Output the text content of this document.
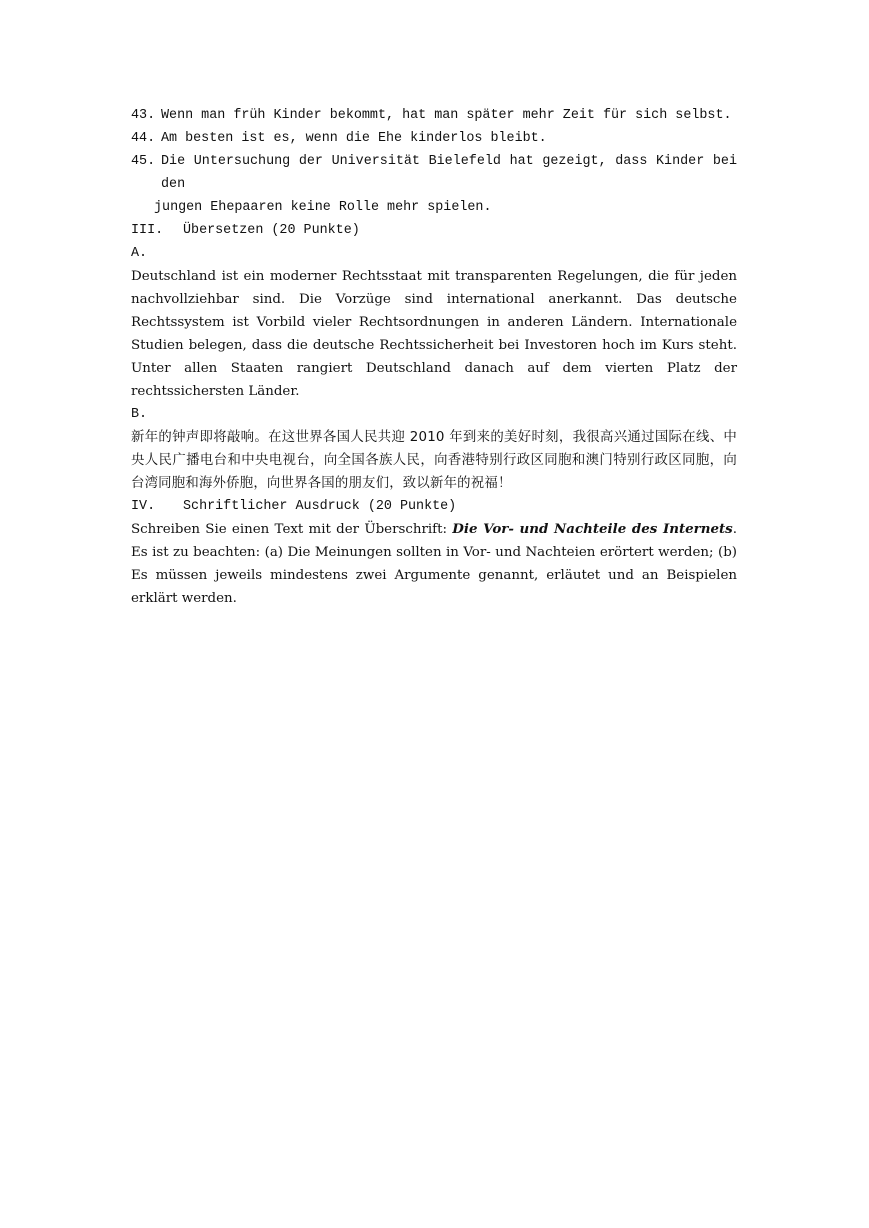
43. Wenn man früh Kinder bekommt, hat man später mehr Zeit für sich selbst.
44. Am besten ist es, wenn die Ehe kinderlos bleibt.
45. Die Untersuchung der Universität Bielefeld hat gezeigt, dass Kinder bei den
jungen Ehepaaren keine Rolle mehr spielen.
III.	Übersetzen (20 Punkte)
A.
Deutschland ist ein moderner Rechtsstaat mit transparenten Regelungen, die für jeden nachvollziehbar sind. Die Vorzüge sind international anerkannt. Das deutsche Rechtssystem ist Vorbild vieler Rechtsordnungen in anderen Ländern. Internationale Studien belegen, dass die deutsche Rechtssicherheit bei Investoren hoch im Kurs steht. Unter allen Staaten rangiert Deutschland danach auf dem vierten Platz der rechtssichersten Länder.
B.
新年的钟声即将敲响。在这世界各国人民共迎 2010 年到来的美好时刻，我很高兴通过国际在线、中央人民广播电台和中央电视台，向全国各族人民，向香港特别行政区同胞和澳门特别行政区同胞，向台湾同胞和海外侨胞，向世界各国的朋友们，致以新年的祝福！
IV.	Schriftlicher Ausdruck (20 Punkte)
Schreiben Sie einen Text mit der Überschrift: Die Vor- und Nachteile des Internets. Es ist zu beachten: (a) Die Meinungen sollten in Vor- und Nachteien erörtert werden; (b) Es müssen jeweils mindestens zwei Argumente genannt, erläutet und an Beispielen erklärt werden.
